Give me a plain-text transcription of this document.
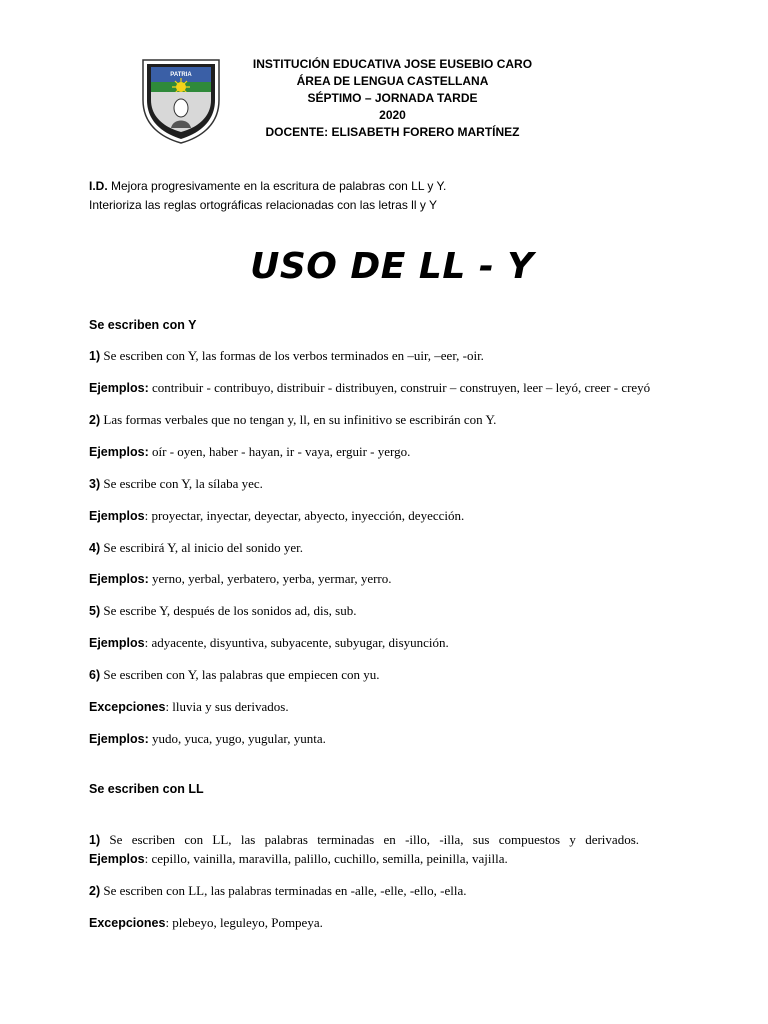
PATRIA
INSTITUCIÓN EDUCATIVA JOSE EUSEBIO CARO
ÁREA DE LENGUA CASTELLANA
SÉPTIMO – JORNADA TARDE
2020
DOCENTE: ELISABETH FORERO MARTÍNEZ
I.D. Mejora progresivamente en la escritura de palabras con LL y Y.
Interioriza las reglas ortográficas relacionadas con las letras ll y Y
USO DE LL - Y
Se escriben con Y
1) Se escriben con Y, las formas de los verbos terminados en –uir, –eer, -oir.
Ejemplos: contribuir - contribuyo, distribuir - distribuyen, construir – construyen, leer – leyó, creer - creyó
2) Las formas verbales que no tengan y, ll, en su infinitivo se escribirán con Y.
Ejemplos: oír - oyen, haber - hayan, ir - vaya, erguir - yergo.
3) Se escribe con Y, la sílaba yec.
Ejemplos: proyectar, inyectar, deyectar, abyecto, inyección, deyección.
4) Se escribirá Y, al inicio del sonido yer.
Ejemplos: yerno, yerbal, yerbatero, yerba, yermar, yerro.
5) Se escribe Y, después de los sonidos ad, dis, sub.
Ejemplos: adyacente, disyuntiva, subyacente, subyugar, disyunción.
6) Se escriben con Y, las palabras que empiecen con yu.
Excepciones: lluvia y sus derivados.
Ejemplos: yudo, yuca, yugo, yugular, yunta.
Se escriben con LL
1) Se escriben con LL, las palabras terminadas en -illo, -illa, sus compuestos y derivados.
Ejemplos: cepillo, vainilla, maravilla, palillo, cuchillo, semilla, peinilla, vajilla.
2) Se escriben con LL, las palabras terminadas en -alle, -elle, -ello, -ella.
Excepciones: plebeyo, leguleyo, Pompeya.
